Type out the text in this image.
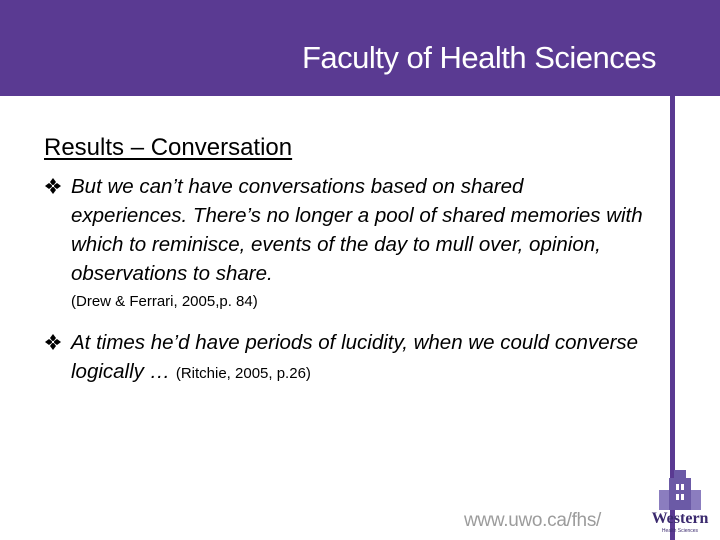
Faculty of Health Sciences
Results – Conversation
But we can’t have conversations based on shared experiences. There’s no longer a pool of shared memories with which to reminisce, events of the day to mull over, opinion, observations to share.
(Drew & Ferrari, 2005,p. 84)
At times he’d have periods of lucidity, when we could converse logically … (Ritchie, 2005, p.26)
www.uwo.ca/fhs/	Western
Health Sciences
